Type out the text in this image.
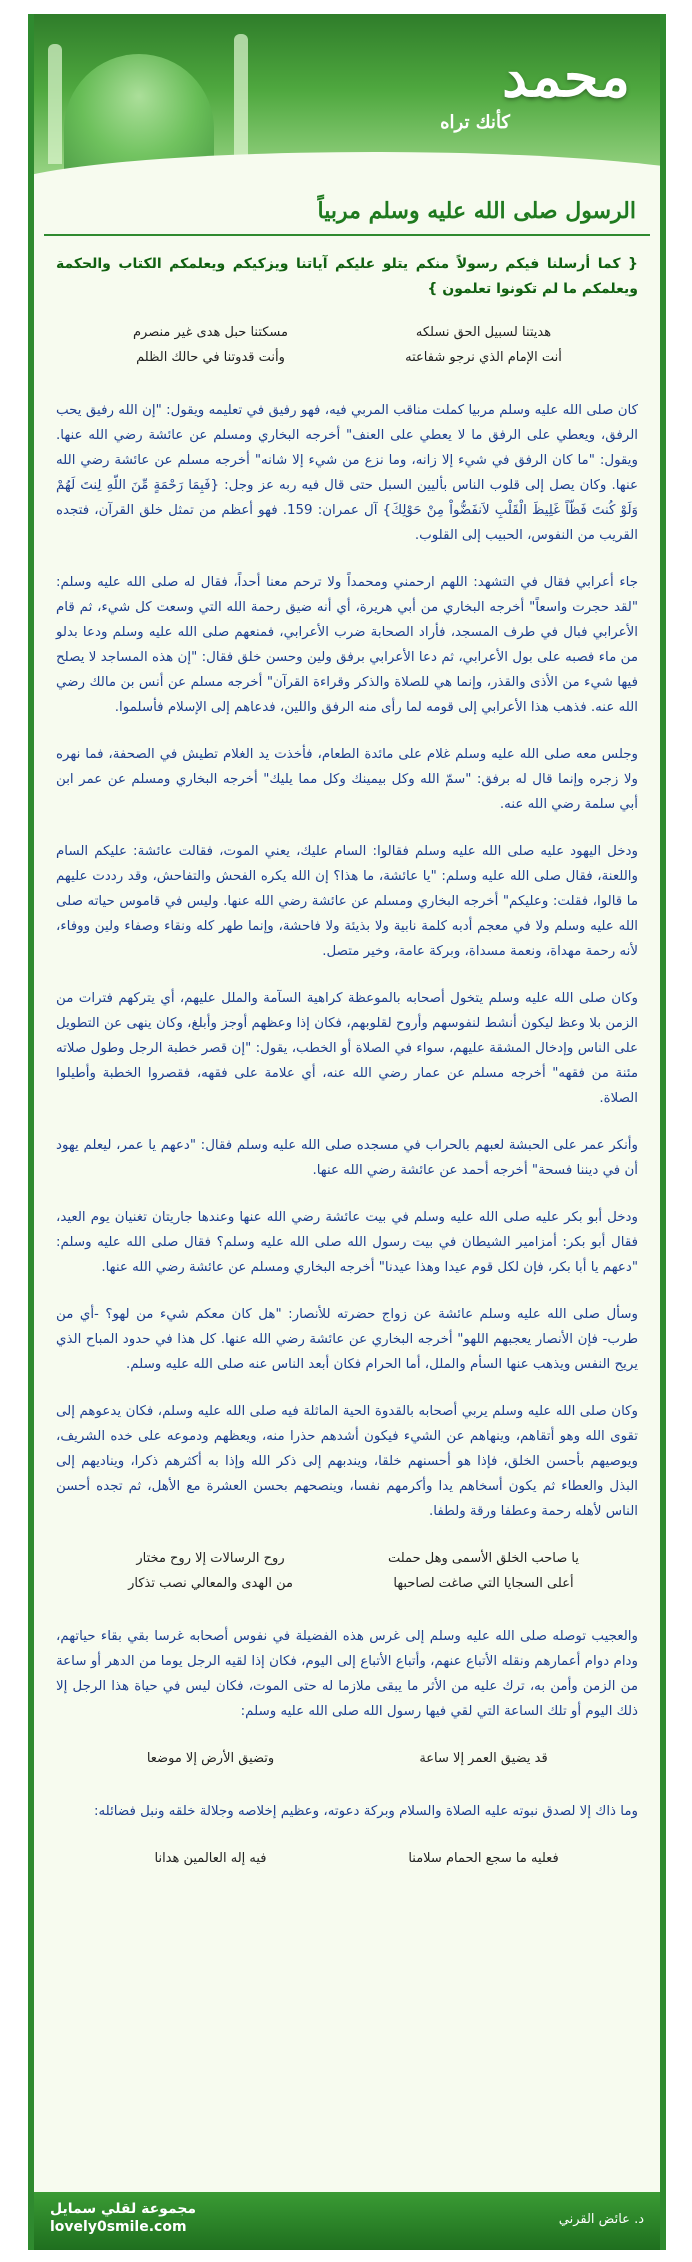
محمد
كأنك تراه
الرسول صلى الله عليه وسلم مربياً

{ كما أرسلنا فيكم رسولاً منكم يتلو عليكم آياتنا ويزكيكم ويعلمكم الكتاب والحكمة ويعلمكم ما لم تكونوا تعلمون }

هديتنا لسبيل الحق نسلكه
مسكتنا حبل هدى غير منصرم
أنت الإمام الذي نرجو شفاعته
وأنت قدوتنا في حالك الظلم

كان صلى الله عليه وسلم مربيا كملت مناقب المربي فيه، فهو رفيق في تعليمه ويقول: "إن الله رفيق يحب الرفق، ويعطي على الرفق ما لا يعطي على العنف" أخرجه البخاري ومسلم عن عائشة رضي الله عنها. ويقول: "ما كان الرفق في شيء إلا زانه، وما نزع من شيء إلا شانه" أخرجه مسلم عن عائشة رضي الله عنها. وكان يصل إلى قلوب الناس بأليين السبل حتى قال فيه ربه عز وجل: {فَبِمَا رَحْمَةٍ مِّنَ اللّهِ لِنتَ لَهُمْ وَلَوْ كُنتَ فَظّاً غَلِيظَ الْقَلْبِ لاَنفَضُّواْ مِنْ حَوْلِكَ} آل عمران: 159. فهو أعظم من تمثل خلق القرآن، فتجده القريب من النفوس، الحبيب إلى القلوب.

جاء أعرابي فقال في التشهد: اللهم ارحمني ومحمداً ولا ترحم معنا أحداً، فقال له صلى الله عليه وسلم: "لقد حجرت واسعاً" أخرجه البخاري من أبي هريرة، أي أنه ضيق رحمة الله التي وسعت كل شيء، ثم قام الأعرابي فبال في طرف المسجد، فأراد الصحابة ضرب الأعرابي، فمنعهم صلى الله عليه وسلم ودعا بدلو من ماء فصبه على بول الأعرابي، ثم دعا الأعرابي برفق ولين وحسن خلق فقال: "إن هذه المساجد لا يصلح فيها شيء من الأذى والقذر، وإنما هي للصلاة والذكر وقراءة القرآن" أخرجه مسلم عن أنس بن مالك رضي الله عنه. فذهب هذا الأعرابي إلى قومه لما رأى منه الرفق واللين، فدعاهم إلى الإسلام فأسلموا.

وجلس معه صلى الله عليه وسلم غلام على مائدة الطعام، فأخذت يد الغلام تطيش في الصحفة، فما نهره ولا زجره وإنما قال له برفق: "سمّ الله وكل بيمينك وكل مما يليك" أخرجه البخاري ومسلم عن عمر ابن أبي سلمة رضي الله عنه.

ودخل اليهود عليه صلى الله عليه وسلم فقالوا: السام عليك، يعني الموت، فقالت عائشة: عليكم السام واللعنة، فقال صلى الله عليه وسلم: "يا عائشة، ما هذا؟ إن الله يكره الفحش والتفاحش، وقد رددت عليهم ما قالوا، فقلت: وعليكم" أخرجه البخاري ومسلم عن عائشة رضي الله عنها. وليس في قاموس حياته صلى الله عليه وسلم ولا في معجم أدبه كلمة نابية ولا بذيئة ولا فاحشة، وإنما طهر كله ونقاء وصفاء ولين ووفاء، لأنه رحمة مهداة، ونعمة مسداة، وبركة عامة، وخير متصل.

وكان صلى الله عليه وسلم يتخول أصحابه بالموعظة كراهية السآمة والملل عليهم، أي يتركهم فترات من الزمن بلا وعظ ليكون أنشط لنفوسهم وأروح لقلوبهم، فكان إذا وعظهم أوجز وأبلغ، وكان ينهى عن التطويل على الناس وإدخال المشقة عليهم، سواء في الصلاة أو الخطب، يقول: "إن قصر خطبة الرجل وطول صلاته مئنة من فقهه" أخرجه مسلم عن عمار رضي الله عنه، أي علامة على فقهه، فقصروا الخطبة وأطيلوا الصلاة.

وأنكر عمر على الحبشة لعبهم بالحراب في مسجده صلى الله عليه وسلم فقال: "دعهم يا عمر، ليعلم يهود أن في ديننا فسحة" أخرجه أحمد عن عائشة رضي الله عنها.

ودخل أبو بكر عليه صلى الله عليه وسلم في بيت عائشة رضي الله عنها وعندها جاريتان تغنيان يوم العيد، فقال أبو بكر: أمزامير الشيطان في بيت رسول الله صلى الله عليه وسلم؟ فقال صلى الله عليه وسلم: "دعهم يا أبا بكر، فإن لكل قوم عيدا وهذا عيدنا" أخرجه البخاري ومسلم عن عائشة رضي الله عنها.

وسأل صلى الله عليه وسلم عائشة عن زواج حضرته للأنصار: "هل كان معكم شيء من لهو؟ -أي من طرب- فإن الأنصار يعجبهم اللهو" أخرجه البخاري عن عائشة رضي الله عنها. كل هذا في حدود المباح الذي يريح النفس ويذهب عنها السأم والملل، أما الحرام فكان أبعد الناس عنه صلى الله عليه وسلم.

وكان صلى الله عليه وسلم يربي أصحابه بالقدوة الحية الماثلة فيه صلى الله عليه وسلم، فكان يدعوهم إلى تقوى الله وهو أتقاهم، وينهاهم عن الشيء فيكون أشدهم حذرا منه، ويعظهم ودموعه على خده الشريف، ويوصيهم بأحسن الخلق، فإذا هو أحسنهم خلقا، ويندبهم إلى ذكر الله وإذا به أكثرهم ذكرا، ويناديهم إلى البذل والعطاء ثم يكون أسخاهم يدا وأكرمهم نفسا، وينصحهم بحسن العشرة مع الأهل، ثم تجده أحسن الناس لأهله رحمة وعطفا ورقة ولطفا.

يا صاحب الخلق الأسمى وهل حملت
روح الرسالات إلا روح مختار
أعلى السجايا التي صاغت لصاحبها
من الهدى والمعالي نصب تذكار

والعجيب توصله صلى الله عليه وسلم إلى غرس هذه الفضيلة في نفوس أصحابه غرسا بقي بقاء حياتهم، ودام دوام أعمارهم ونقله الأتباع عنهم، وأتباع الأتباع إلى اليوم، فكان إذا لقيه الرجل يوما من الدهر أو ساعة من الزمن وأمن به، ترك عليه من الأثر ما يبقى ملازما له حتى الموت، فكان ليس في حياة هذا الرجل إلا ذلك اليوم أو تلك الساعة التي لقي فيها رسول الله صلى الله عليه وسلم:

قد يضيق العمر إلا ساعة
وتضيق الأرض إلا موضعا

وما ذاك إلا لصدق نبوته عليه الصلاة والسلام وبركة دعوته، وعظيم إخلاصه وجلالة خلقه ونبل فضائله:

فعليه ما سجع الحمام سلامنا
فيه إله العالمين هدانا
مجموعة لقلي سمايل
lovely0smile.com	د. عائض القرني
